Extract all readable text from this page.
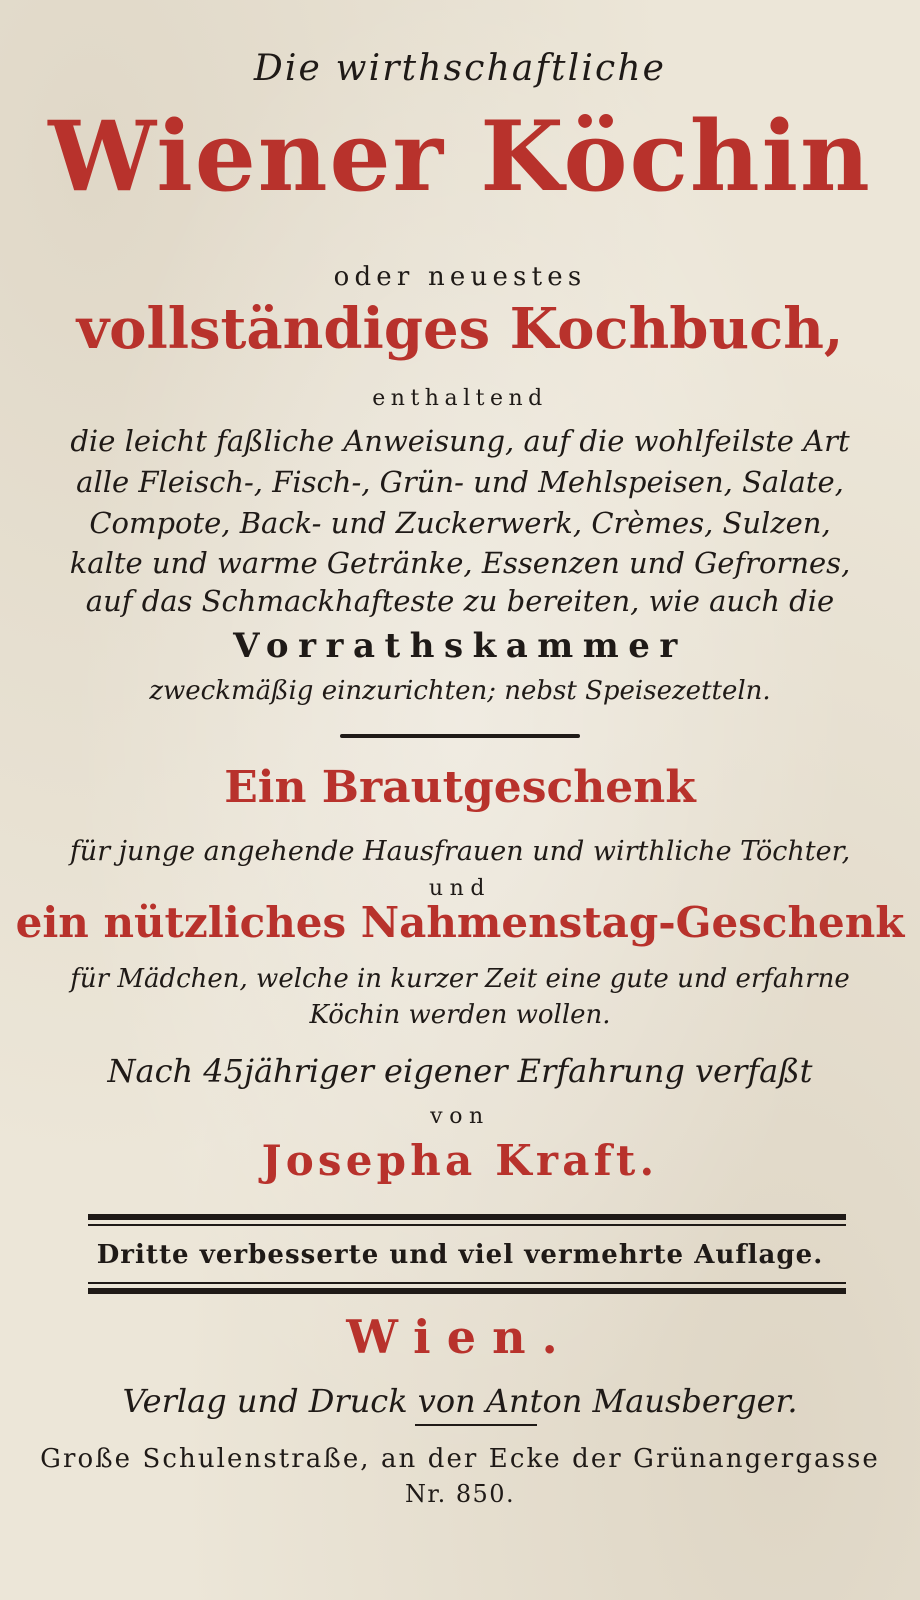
Die wirthschaftliche
Wiener Köchin
oder neuestes
vollständiges Kochbuch,
enthaltend
die leicht faßliche Anweisung, auf die wohlfeilste Art
alle Fleisch-, Fisch-, Grün- und Mehlspeisen, Salate,
Compote, Back- und Zuckerwerk, Crèmes, Sulzen,
kalte und warme Getränke, Essenzen und Gefrornes,
auf das Schmackhafteste zu bereiten, wie auch die
Vorrathskammer
zweckmäßig einzurichten; nebst Speisezetteln.
Ein Brautgeschenk
für junge angehende Hausfrauen und wirthliche Töchter,
und
ein nützliches Nahmenstag-Geschenk
für Mädchen, welche in kurzer Zeit eine gute und erfahrne
Köchin werden wollen.
Nach 45jähriger eigener Erfahrung verfaßt
von
Josepha Kraft.
Dritte verbesserte und viel vermehrte Auflage.
Wien.
Verlag und Druck von Anton Mausberger.
Große Schulenstraße, an der Ecke der Grünangergasse
Nr. 850.
